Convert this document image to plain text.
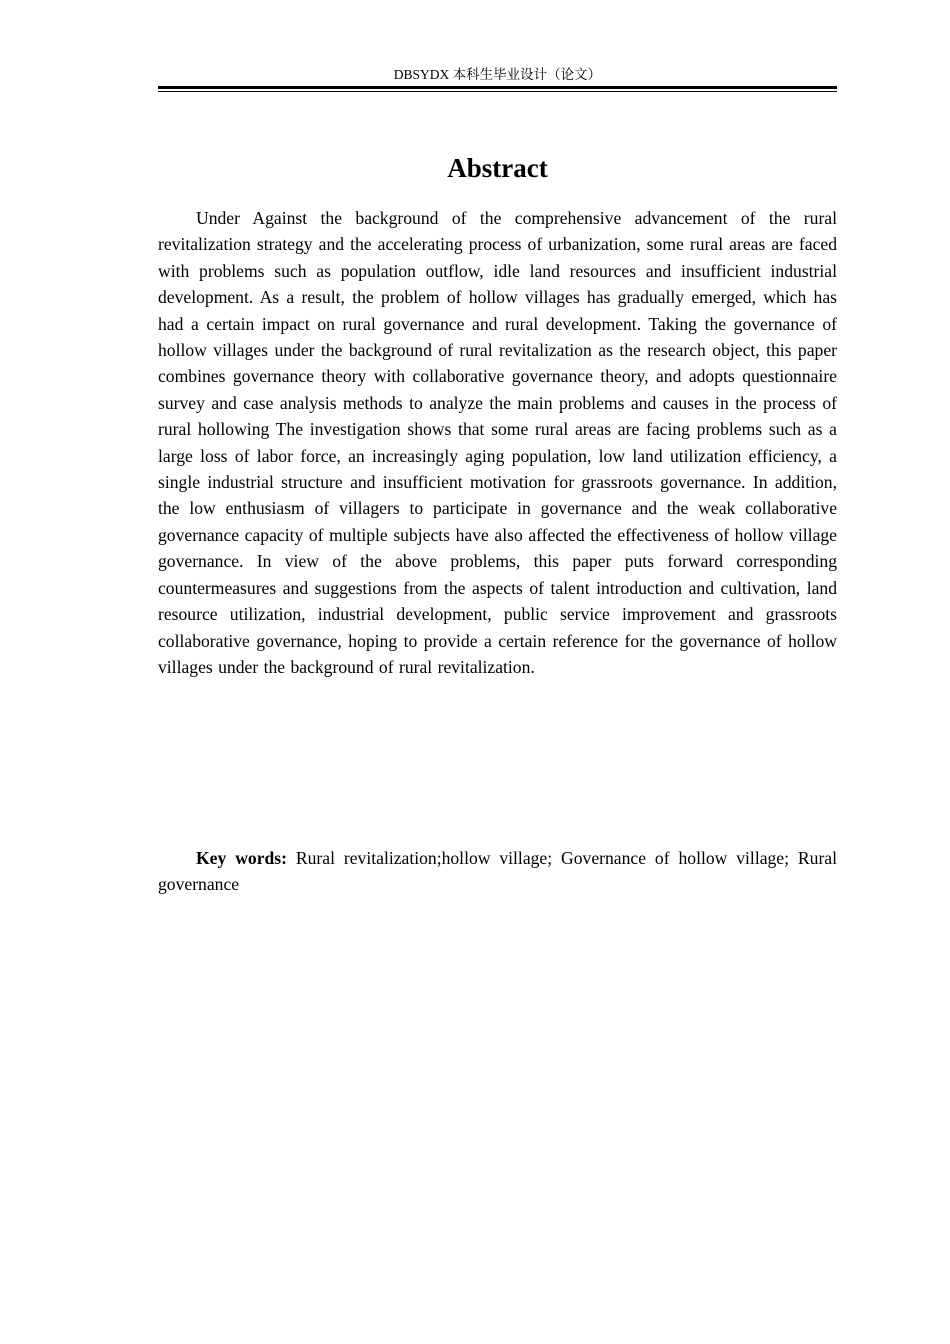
DBSYDX 本科生毕业设计（论文）
Abstract

Under Against the background of the comprehensive advancement of the rural revitalization strategy and the accelerating process of urbanization, some rural areas are faced with problems such as population outflow, idle land resources and insufficient industrial development. As a result, the problem of hollow villages has gradually emerged, which has had a certain impact on rural governance and rural development. Taking the governance of hollow villages under the background of rural revitalization as the research object, this paper combines governance theory with collaborative governance theory, and adopts questionnaire survey and case analysis methods to analyze the main problems and causes in the process of rural hollowing The investigation shows that some rural areas are facing problems such as a large loss of labor force, an increasingly aging population, low land utilization efficiency, a single industrial structure and insufficient motivation for grassroots governance. In addition, the low enthusiasm of villagers to participate in governance and the weak collaborative governance capacity of multiple subjects have also affected the effectiveness of hollow village governance. In view of the above problems, this paper puts forward corresponding countermeasures and suggestions from the aspects of talent introduction and cultivation, land resource utilization, industrial development, public service improvement and grassroots collaborative governance, hoping to provide a certain reference for the governance of hollow villages under the background of rural revitalization.

Key words: Rural revitalization;hollow village; Governance of hollow village; Rural governance
